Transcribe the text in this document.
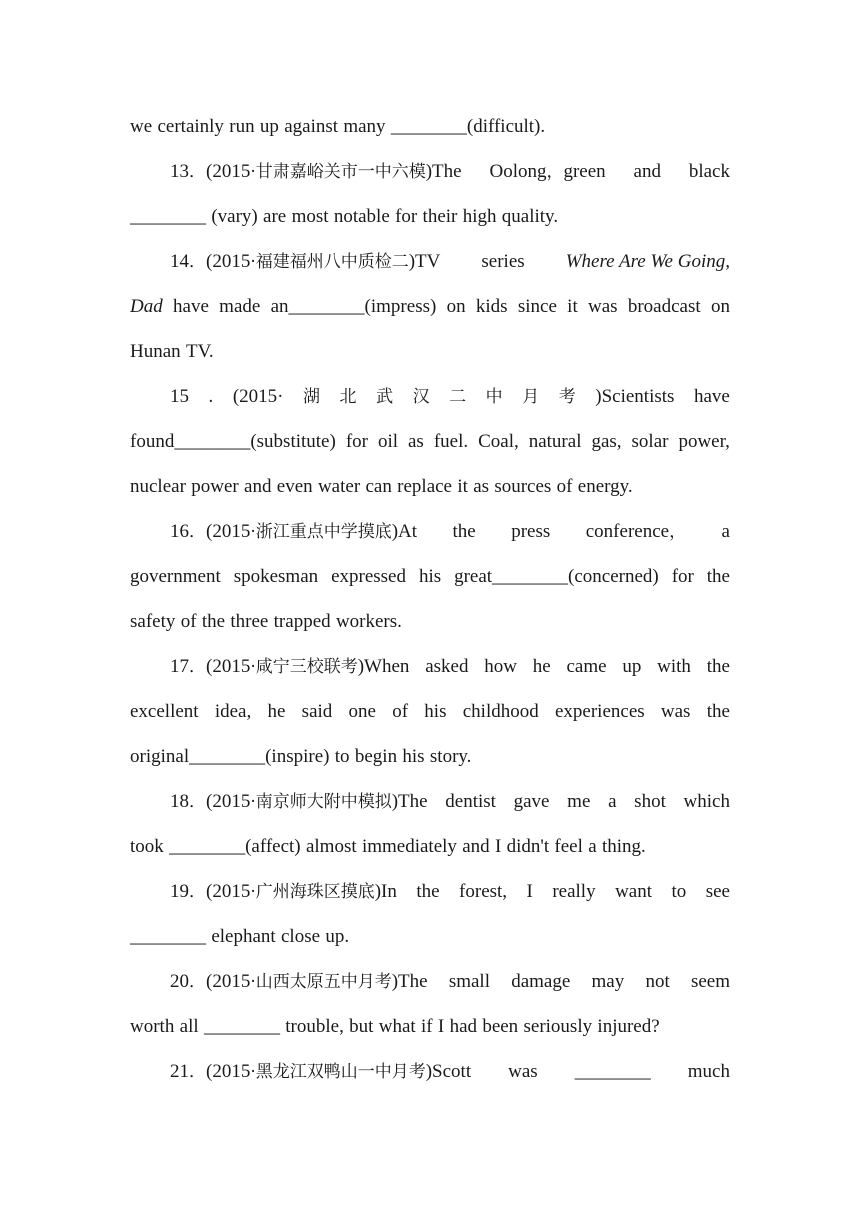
we certainly run up against many ________(difficult).
13．(2015·甘肃嘉峪关市一中六模)The Oolong，green and black
________ (vary) are most notable for their high quality.
14．(2015·福建福州八中质检二)TV series Where Are We Going,
Dad have made an________(impress) on kids since it was broadcast on
Hunan TV.
15 . (2015· 湖 北 武 汉 二 中 月 考 )Scientists have
found________(substitute) for oil as fuel. Coal, natural gas, solar power,
nuclear power and even water can replace it as sources of energy.
16．(2015·浙江重点中学摸底)At the press conference， a
government spokesman expressed his great________(concerned) for the
safety of the three trapped workers.
17．(2015·咸宁三校联考)When asked how he came up with the
excellent idea, he said one of his childhood experiences was the
original________(inspire) to begin his story.
18．(2015·南京师大附中模拟)The dentist gave me a shot which
took ________(affect) almost immediately and I didn't feel a thing.
19．(2015·广州海珠区摸底)In the forest, I really want to see
________ elephant close up.
20．(2015·山西太原五中月考)The small damage may not seem
worth all ________ trouble, but what if I had been seriously injured?
21．(2015·黑龙江双鸭山一中月考)Scott was ________ much
